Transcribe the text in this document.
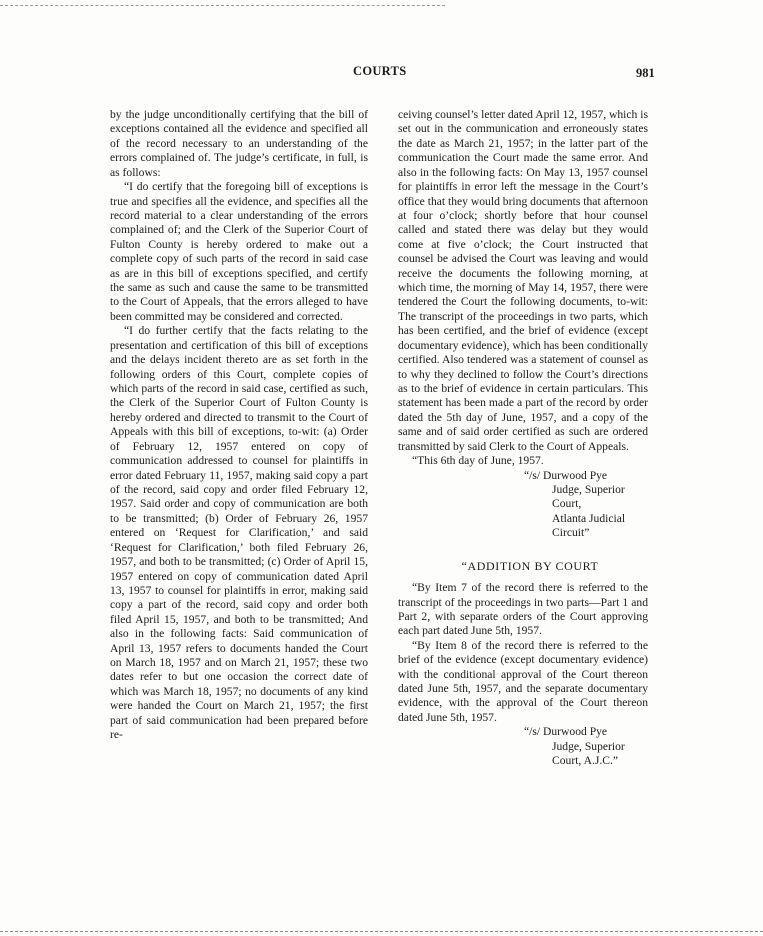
COURTS	981

by the judge unconditionally certifying that the bill of exceptions contained all the evidence and specified all of the record necessary to an understanding of the errors complained of. The judge’s certificate, in full, is as follows:

“I do certify that the foregoing bill of exceptions is true and specifies all the evidence, and specifies all the record material to a clear understanding of the errors complained of; and the Clerk of the Superior Court of Fulton County is hereby ordered to make out a complete copy of such parts of the record in said case as are in this bill of exceptions specified, and certify the same as such and cause the same to be transmitted to the Court of Appeals, that the errors alleged to have been committed may be considered and corrected.

“I do further certify that the facts relating to the presentation and certification of this bill of exceptions and the delays incident thereto are as set forth in the following orders of this Court, complete copies of which parts of the record in said case, certified as such, the Clerk of the Superior Court of Fulton County is hereby ordered and directed to transmit to the Court of Appeals with this bill of exceptions, to-wit: (a) Order of February 12, 1957 entered on copy of communication addressed to counsel for plaintiffs in error dated February 11, 1957, making said copy a part of the record, said copy and order filed February 12, 1957. Said order and copy of communication are both to be transmitted; (b) Order of February 26, 1957 entered on ‘Request for Clarification,’ and said ‘Request for Clarification,’ both filed February 26, 1957, and both to be transmitted; (c) Order of April 15, 1957 entered on copy of communication dated April 13, 1957 to counsel for plaintiffs in error, making said copy a part of the record, said copy and order both filed April 15, 1957, and both to be transmitted; And also in the following facts: Said communication of April 13, 1957 refers to documents handed the Court on March 18, 1957 and on March 21, 1957; these two dates refer to but one occasion the correct date of which was March 18, 1957; no documents of any kind were handed the Court on March 21, 1957; the first part of said communication had been prepared before re-

ceiving counsel’s letter dated April 12, 1957, which is set out in the communication and erroneously states the date as March 21, 1957; in the latter part of the communication the Court made the same error. And also in the following facts: On May 13, 1957 counsel for plaintiffs in error left the message in the Court’s office that they would bring documents that afternoon at four o’clock; shortly before that hour counsel called and stated there was delay but they would come at five o’clock; the Court instructed that counsel be advised the Court was leaving and would receive the documents the following morning, at which time, the morning of May 14, 1957, there were tendered the Court the following documents, to-wit: The transcript of the proceedings in two parts, which has been certified, and the brief of evidence (except documentary evidence), which has been conditionally certified. Also tendered was a statement of counsel as to why they declined to follow the Court’s directions as to the brief of evidence in certain particulars. This statement has been made a part of the record by order dated the 5th day of June, 1957, and a copy of the same and of said order certified as such are ordered transmitted by said Clerk to the Court of Appeals.

“This 6th day of June, 1957.

“/s/ Durwood Pye
Judge, Superior
Court,
Atlanta Judicial
Circuit”

“ADDITION BY COURT

“By Item 7 of the record there is referred to the transcript of the proceedings in two parts—Part 1 and Part 2, with separate orders of the Court approving each part dated June 5th, 1957.

“By Item 8 of the record there is referred to the brief of the evidence (except documentary evidence) with the conditional approval of the Court thereon dated June 5th, 1957, and the separate documentary evidence, with the approval of the Court thereon dated June 5th, 1957.

“/s/ Durwood Pye
Judge, Superior
Court, A.J.C.”
